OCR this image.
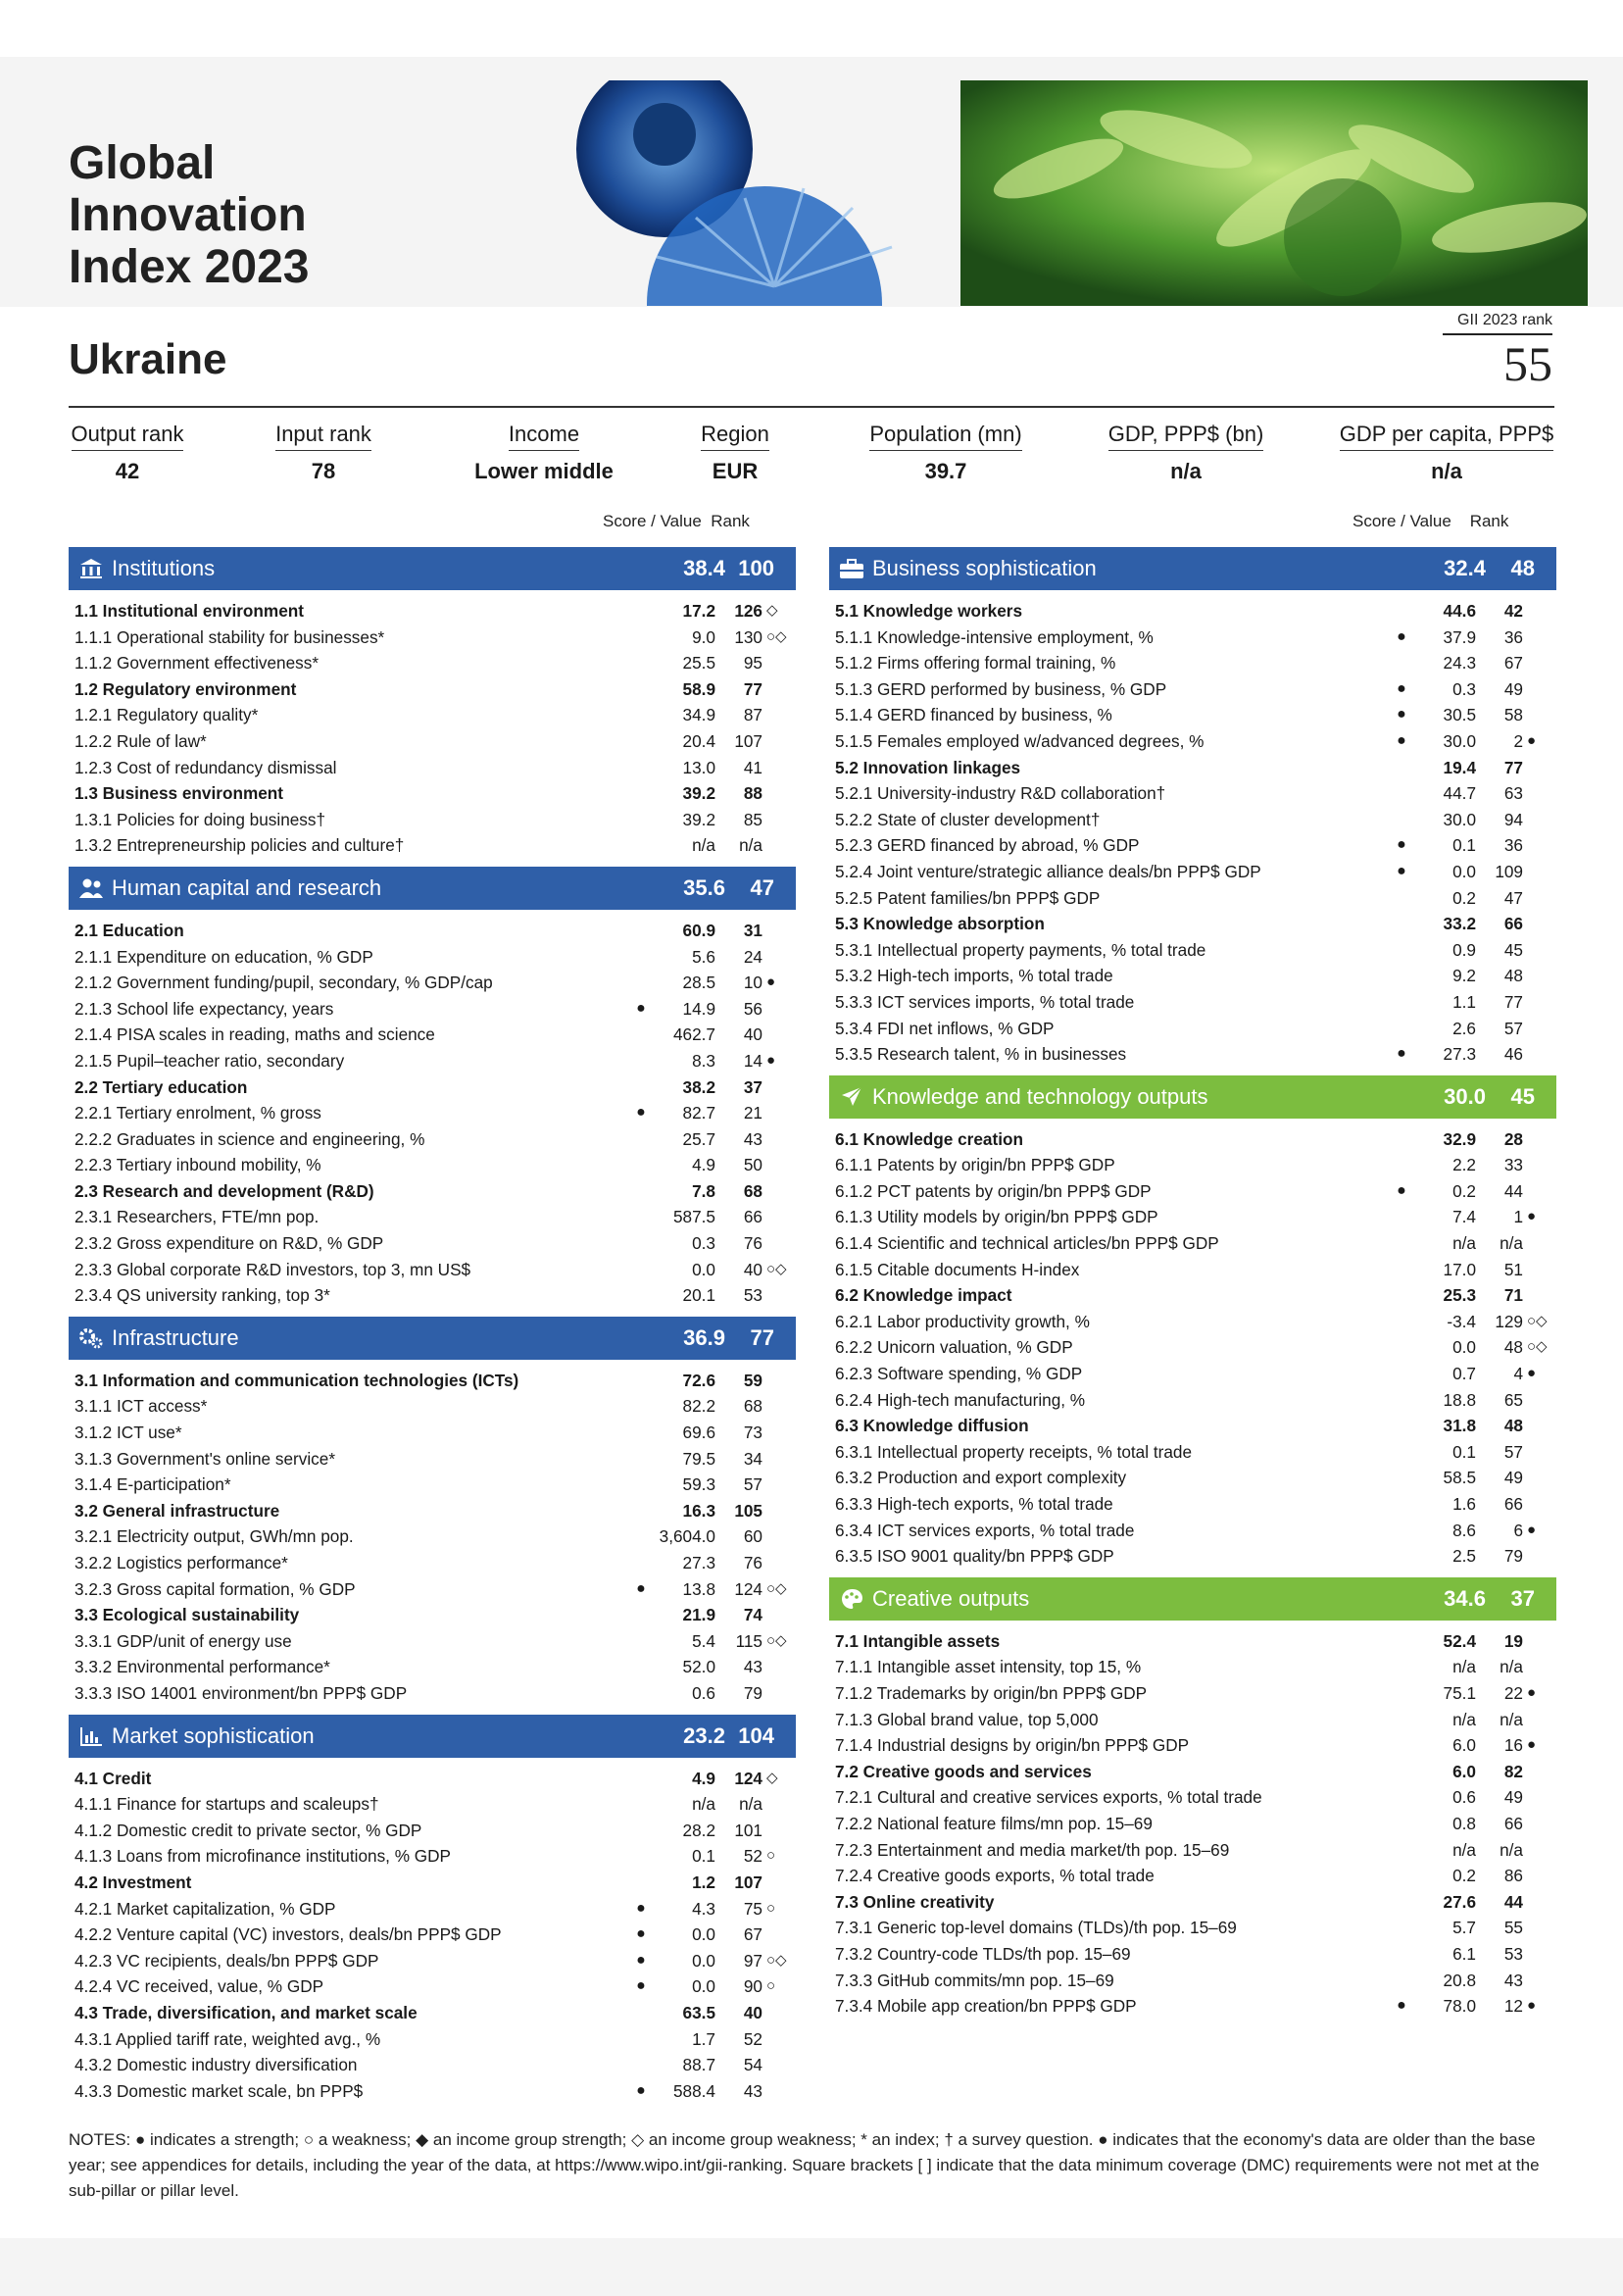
Global
Innovation
Index 2023
Ukraine
GII 2023 rank
55
Output rank
42
Input rank
78
Income
Lower middle
Region
EUR
Population (mn)
39.7
GDP, PPP$ (bn)
n/a
GDP per capita, PPP$
n/a
Score / Value Rank	Score / Value Rank
Institutions	38.4 100
1.1 Institutional environment	17.2	126 ◇
1.1.1 Operational stability for businesses*	9.0	130 ○◇
1.1.2 Government effectiveness*	25.5	95
1.2 Regulatory environment	58.9	77
1.2.1 Regulatory quality*	34.9	87
1.2.2 Rule of law*	20.4	107
1.2.3 Cost of redundancy dismissal	13.0	41
1.3 Business environment	39.2	88
1.3.1 Policies for doing business†	39.2	85
1.3.2 Entrepreneurship policies and culture†	n/a	n/a
Human capital and research	35.6	47
2.1 Education	60.9	31
2.1.1 Expenditure on education, % GDP	5.6	24
2.1.2 Government funding/pupil, secondary, % GDP/cap	28.5	10 ●
2.1.3 School life expectancy, years	●	14.9	56
2.1.4 PISA scales in reading, maths and science	462.7	40
2.1.5 Pupil–teacher ratio, secondary	8.3	14 ●
2.2 Tertiary education	38.2	37
2.2.1 Tertiary enrolment, % gross	●	82.7	21
2.2.2 Graduates in science and engineering, %	25.7	43
2.2.3 Tertiary inbound mobility, %	4.9	50
2.3 Research and development (R&D)	7.8	68
2.3.1 Researchers, FTE/mn pop.	587.5	66
2.3.2 Gross expenditure on R&D, % GDP	0.3	76
2.3.3 Global corporate R&D investors, top 3, mn US$	0.0	40 ○◇
2.3.4 QS university ranking, top 3*	20.1	53
Infrastructure	36.9	77
3.1 Information and communication technologies (ICTs)	72.6	59
3.1.1 ICT access*	82.2	68
3.1.2 ICT use*	69.6	73
3.1.3 Government's online service*	79.5	34
3.1.4 E-participation*	59.3	57
3.2 General infrastructure	16.3	105
3.2.1 Electricity output, GWh/mn pop.	3,604.0	60
3.2.2 Logistics performance*	27.3	76
3.2.3 Gross capital formation, % GDP	●	13.8	124 ○◇
3.3 Ecological sustainability	21.9	74
3.3.1 GDP/unit of energy use	5.4	115 ○◇
3.3.2 Environmental performance*	52.0	43
3.3.3 ISO 14001 environment/bn PPP$ GDP	0.6	79
Market sophistication	23.2 104
4.1 Credit	4.9	124 ◇
4.1.1 Finance for startups and scaleups†	n/a	n/a
4.1.2 Domestic credit to private sector, % GDP	28.2	101
4.1.3 Loans from microfinance institutions, % GDP	0.1	52 ○
4.2 Investment	1.2	107
4.2.1 Market capitalization, % GDP	●	4.3	75 ○
4.2.2 Venture capital (VC) investors, deals/bn PPP$ GDP	●	0.0	67
4.2.3 VC recipients, deals/bn PPP$ GDP	●	0.0	97 ○◇
4.2.4 VC received, value, % GDP	●	0.0	90 ○
4.3 Trade, diversification, and market scale	63.5	40
4.3.1 Applied tariff rate, weighted avg., %	1.7	52
4.3.2 Domestic industry diversification	88.7	54
4.3.3 Domestic market scale, bn PPP$	●	588.4	43
Business sophistication	32.4	48
5.1 Knowledge workers	44.6	42
5.1.1 Knowledge-intensive employment, %	●	37.9	36
5.1.2 Firms offering formal training, %	24.3	67
5.1.3 GERD performed by business, % GDP	●	0.3	49
5.1.4 GERD financed by business, %	●	30.5	58
5.1.5 Females employed w/advanced degrees, %	●	30.0	2 ●
5.2 Innovation linkages	19.4	77
5.2.1 University-industry R&D collaboration†	44.7	63
5.2.2 State of cluster development†	30.0	94
5.2.3 GERD financed by abroad, % GDP	●	0.1	36
5.2.4 Joint venture/strategic alliance deals/bn PPP$ GDP	●	0.0	109
5.2.5 Patent families/bn PPP$ GDP	0.2	47
5.3 Knowledge absorption	33.2	66
5.3.1 Intellectual property payments, % total trade	0.9	45
5.3.2 High-tech imports, % total trade	9.2	48
5.3.3 ICT services imports, % total trade	1.1	77
5.3.4 FDI net inflows, % GDP	2.6	57
5.3.5 Research talent, % in businesses	●	27.3	46
Knowledge and technology outputs	30.0	45
6.1 Knowledge creation	32.9	28
6.1.1 Patents by origin/bn PPP$ GDP	2.2	33
6.1.2 PCT patents by origin/bn PPP$ GDP	●	0.2	44
6.1.3 Utility models by origin/bn PPP$ GDP	7.4	1 ●
6.1.4 Scientific and technical articles/bn PPP$ GDP	n/a	n/a
6.1.5 Citable documents H-index	17.0	51
6.2 Knowledge impact	25.3	71
6.2.1 Labor productivity growth, %	-3.4	129 ○◇
6.2.2 Unicorn valuation, % GDP	0.0	48 ○◇
6.2.3 Software spending, % GDP	0.7	4 ●
6.2.4 High-tech manufacturing, %	18.8	65
6.3 Knowledge diffusion	31.8	48
6.3.1 Intellectual property receipts, % total trade	0.1	57
6.3.2 Production and export complexity	58.5	49
6.3.3 High-tech exports, % total trade	1.6	66
6.3.4 ICT services exports, % total trade	8.6	6 ●
6.3.5 ISO 9001 quality/bn PPP$ GDP	2.5	79
Creative outputs	34.6	37
7.1 Intangible assets	52.4	19
7.1.1 Intangible asset intensity, top 15, %	n/a	n/a
7.1.2 Trademarks by origin/bn PPP$ GDP	75.1	22 ●
7.1.3 Global brand value, top 5,000	n/a	n/a
7.1.4 Industrial designs by origin/bn PPP$ GDP	6.0	16 ●
7.2 Creative goods and services	6.0	82
7.2.1 Cultural and creative services exports, % total trade	0.6	49
7.2.2 National feature films/mn pop. 15–69	0.8	66
7.2.3 Entertainment and media market/th pop. 15–69	n/a	n/a
7.2.4 Creative goods exports, % total trade	0.2	86
7.3 Online creativity	27.6	44
7.3.1 Generic top-level domains (TLDs)/th pop. 15–69	5.7	55
7.3.2 Country-code TLDs/th pop. 15–69	6.1	53
7.3.3 GitHub commits/mn pop. 15–69	20.8	43
7.3.4 Mobile app creation/bn PPP$ GDP	●	78.0	12 ●
NOTES: ● indicates a strength; ○ a weakness; ◆ an income group strength; ◇ an income group weakness; * an index; † a survey question. ● indicates that the economy's data are older than the base year; see appendices for details, including the year of the data, at https://www.wipo.int/gii-ranking. Square brackets [ ] indicate that the data minimum coverage (DMC) requirements were not met at the sub-pillar or pillar level.
